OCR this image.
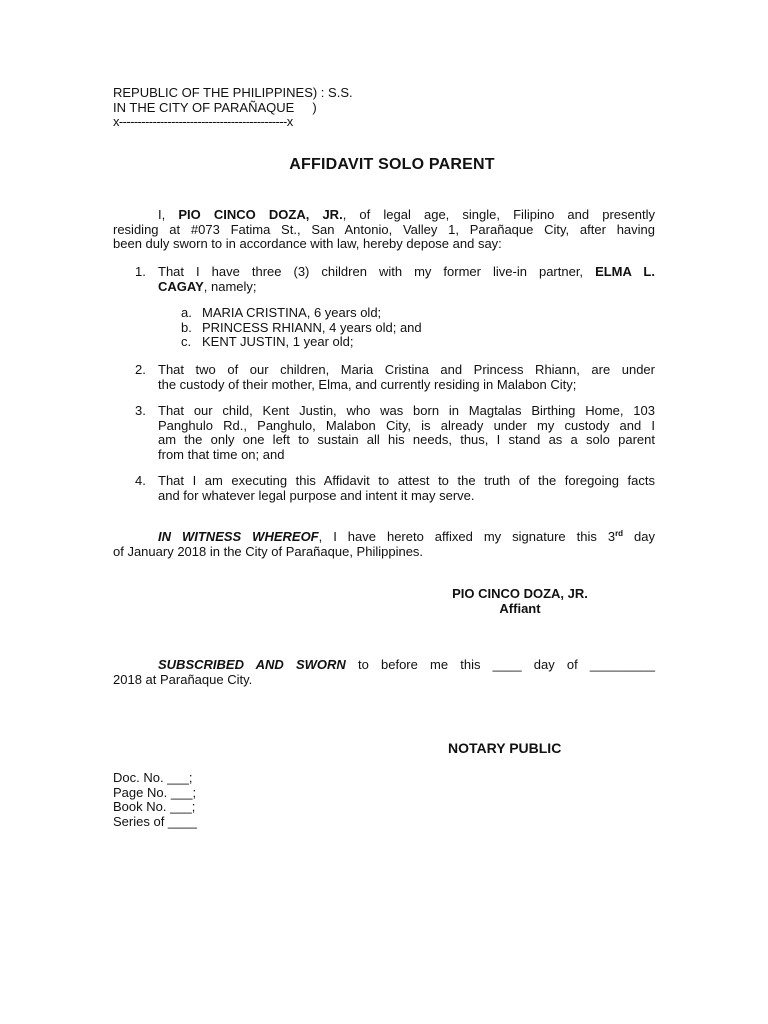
REPUBLIC OF THE PHILIPPINES) : S.S.
IN THE CITY OF PARAÑAQUE     )
x---------------------------------------------x
AFFIDAVIT SOLO PARENT
I, PIO CINCO DOZA, JR., of legal age, single, Filipino and presently
residing at #073 Fatima St., San Antonio, Valley 1, Parañaque City, after having
been duly sworn to in accordance with law, hereby depose and say:
1. That I have three (3) children with my former live-in partner, ELMA L.
CAGAY, namely;
a. MARIA CRISTINA, 6 years old;
b. PRINCESS RHIANN, 4 years old; and
c. KENT JUSTIN, 1 year old;
2. That two of our children, Maria Cristina and Princess Rhiann, are under
the custody of their mother, Elma, and currently residing in Malabon City;
3. That our child, Kent Justin, who was born in Magtalas Birthing Home, 103
Panghulo Rd., Panghulo, Malabon City, is already under my custody and I
am the only one left to sustain all his needs, thus, I stand as a solo parent
from that time on; and
4. That I am executing this Affidavit to attest to the truth of the foregoing facts
and for whatever legal purpose and intent it may serve.
IN WITNESS WHEREOF, I have hereto affixed my signature this 3rd day
of January 2018 in the City of Parañaque, Philippines.
PIO CINCO DOZA, JR.
Affiant
SUBSCRIBED AND SWORN to before me this ____ day of _________
2018 at Parañaque City.
NOTARY PUBLIC
Doc. No. ___;
Page No. ___;
Book No. ___;
Series of ____
